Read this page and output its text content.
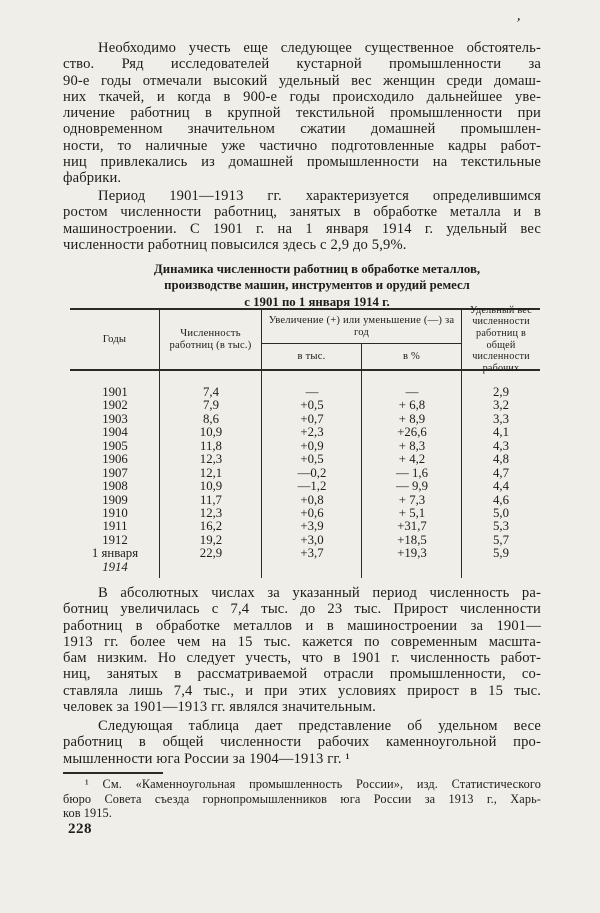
’
Необходимо учесть еще следующее существенное обстоятель-
ство. Ряд исследователей кустарной промышленности за
90-е годы отмечали высокий удельный вес женщин среди домаш-
них ткачей, и когда в 900-е годы происходило дальнейшее уве-
личение работниц в крупной текстильной промышленности при
одновременном значительном сжатии домашней промышлен-
ности, то наличные уже частично подготовленные кадры работ-
ниц привлекались из домашней промышленности на текстильные
фабрики.
Период 1901—1913 гг. характеризуется определившимся
ростом численности работниц, занятых в обработке металла и в
машиностроении. С 1901 г. на 1 января 1914 г. удельный вес
численности работниц повысился здесь с 2,9 до 5,9%.
Динамика численности работниц в обработке металлов,
производстве машин, инструментов и орудий ремесл
с 1901 по 1 января 1914 г.
Годы
Численность работниц (в тыс.)
Увеличение (+) или уменьшение (—) за год
в тыс.	в %
Удельный вес численности работниц в общей численности рабочих
1901	7,4	—	—	2,9
1902	7,9	+0,5	+ 6,8	3,2
1903	8,6	+0,7	+ 8,9	3,3
1904	10,9	+2,3	+26,6	4,1
1905	11,8	+0,9	+ 8,3	4,3
1906	12,3	+0,5	+ 4,2	4,8
1907	12,1	—0,2	— 1,6	4,7
1908	10,9	—1,2	— 9,9	4,4
1909	11,7	+0,8	+ 7,3	4,6
1910	12,3	+0,6	+ 5,1	5,0
1911	16,2	+3,9	+31,7	5,3
1912	19,2	+3,0	+18,5	5,7
1 января
1914
22,9	+3,7	+19,3	5,9
В абсолютных числах за указанный период численность ра-
ботниц увеличилась с 7,4 тыс. до 23 тыс. Прирост численности
работниц в обработке металлов и в машиностроении за 1901—
1913 гг. более чем на 15 тыс. кажется по современным масшта-
бам низким. Но следует учесть, что в 1901 г. численность работ-
ниц, занятых в рассматриваемой отрасли промышленности, со-
ставляла лишь 7,4 тыс., и при этих условиях прирост в 15 тыс.
человек за 1901—1913 гг. являлся значительным.
Следующая таблица дает представление об удельном весе
работниц в общей численности рабочих каменноугольной про-
мышленности юга России за 1904—1913 гг. ¹
¹ См. «Каменноугольная промышленность России», изд. Статистического
бюро Совета съезда горнопромышленников юга России за 1913 г., Харь-
ков 1915.
228
